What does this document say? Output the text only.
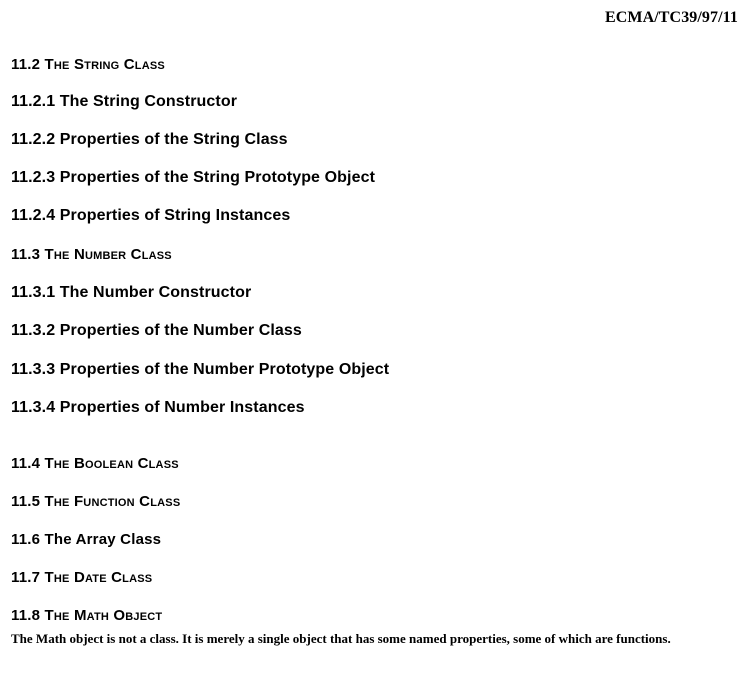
ECMA/TC39/97/11
11.2 The String Class
11.2.1 The String Constructor
11.2.2 Properties of the String Class
11.2.3 Properties of the String Prototype Object
11.2.4 Properties of String Instances
11.3 The Number Class
11.3.1 The Number Constructor
11.3.2 Properties of the Number Class
11.3.3 Properties of the Number Prototype Object
11.3.4 Properties of Number Instances
11.4 The Boolean Class
11.5 The Function Class
11.6 The Array Class
11.7 The Date Class
11.8 The Math Object
The Math object is not a class. It is merely a single object that has some named properties, some of which are functions.
